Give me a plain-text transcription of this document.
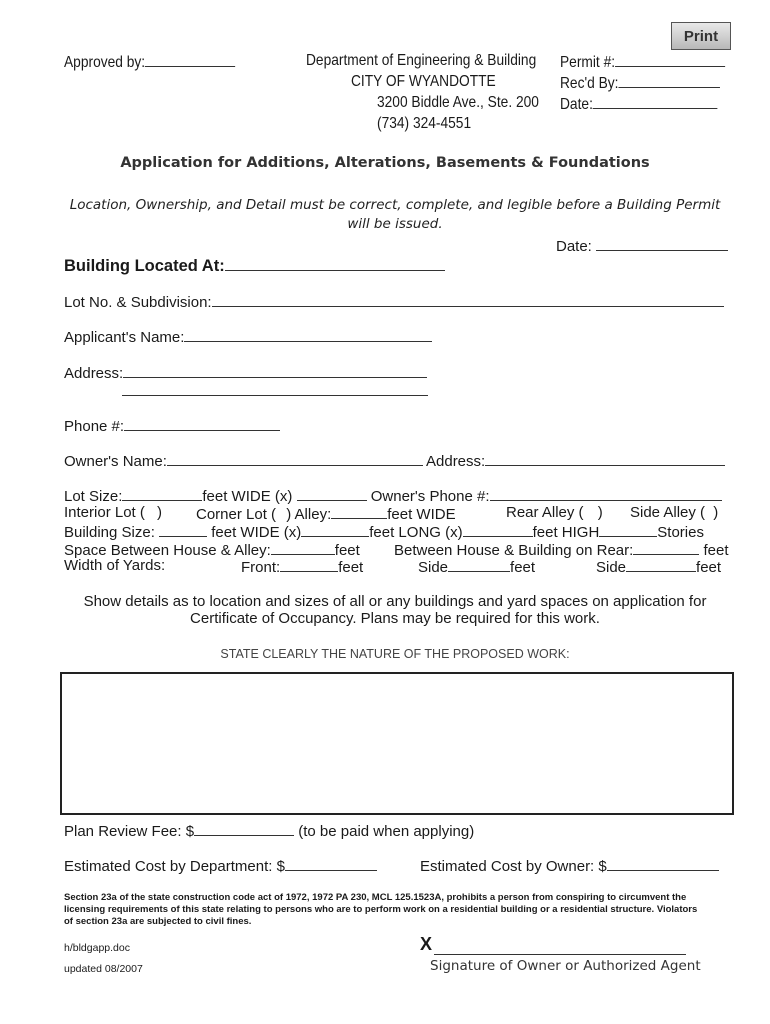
Print
Approved by:	Department of Engineering & Building
CITY OF WYANDOTTE
3200 Biddle Ave., Ste. 200
(734) 324-4551
Permit #:
Rec'd By:
Date:
Application for Additions, Alterations, Basements & Foundations
Location, Ownership, and Detail must be correct, complete, and legible before a Building Permit
will be issued.
Date:
Building Located At:
Lot No. & Subdivision:
Applicant's Name:
Address:
Phone #:
Owner's Name:	Address:
Lot Size:	feet WIDE (x)	Owner's Phone #:
Interior Lot ( ) Corner Lot ( ) Alley:	feet WIDE	Rear Alley ( ) Side Alley ( )
Building Size:	feet WIDE (x)	feet LONG (x)	feet HIGH	Stories
Space Between House & Alley:	feet Between House & Building on Rear:	feet
Width of Yards:	Front:	feet	Side	feet	Side	feet
Show details as to location and sizes of all or any buildings and yard spaces on application for
Certificate of Occupancy. Plans may be required for this work.
STATE CLEARLY THE NATURE OF THE PROPOSED WORK:
Plan Review Fee: $	(to be paid when applying)
Estimated Cost by Department: $	Estimated Cost by Owner: $
Section 23a of the state construction code act of 1972, 1972 PA 230, MCL 125.1523A, prohibits a person from conspiring to circumvent the
licensing requirements of this state relating to persons who are to perform work on a residential building or a residential structure. Violators
of section 23a are subjected to civil fines.
h/bldgapp.doc
updated 08/2007
X
Signature of Owner or Authorized Agent
